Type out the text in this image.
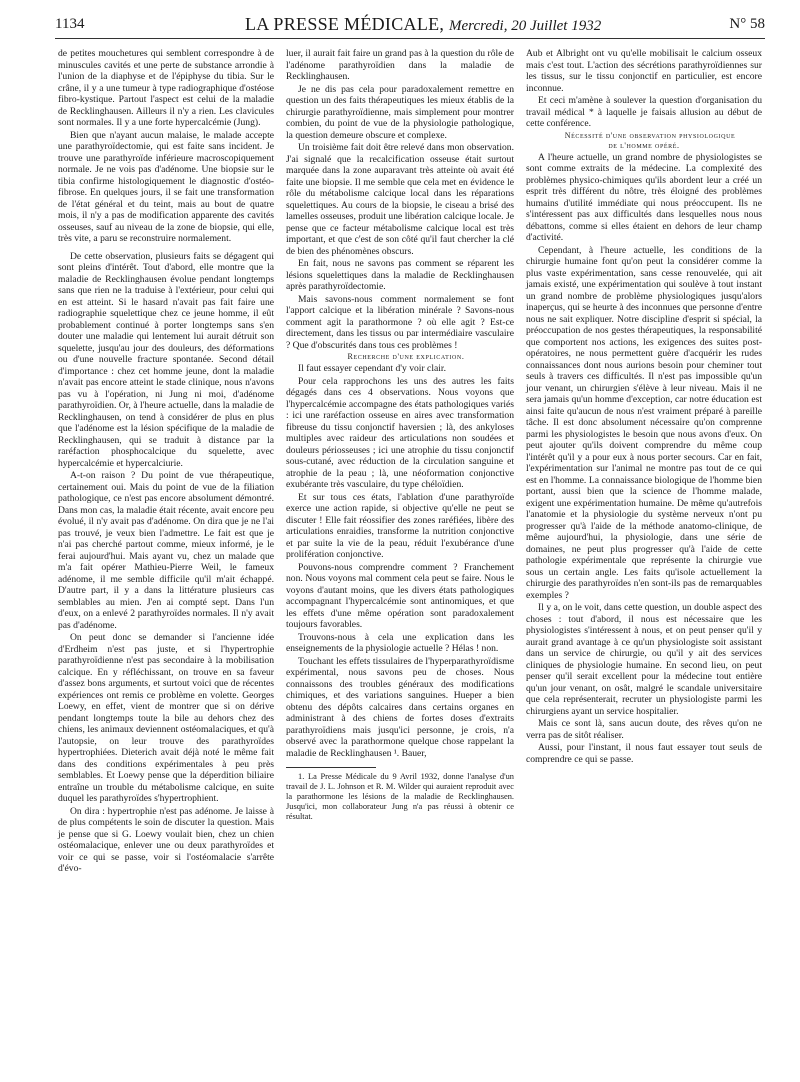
1134	LA PRESSE MÉDICALE, Mercredi, 20 Juillet 1932	N° 58

de petites mouchetures qui semblent correspondre à de minuscules cavités et une perte de substance arrondie à l'union de la diaphyse et de l'épiphyse du tibia. Sur le crâne, il y a une tumeur à type radiographique d'ostéose fibro-kystique. Partout l'aspect est celui de la maladie de Recklinghausen. Ailleurs il n'y a rien. Les clavicules sont normales. Il y a une forte hypercalcémie (Jung).

Bien que n'ayant aucun malaise, le malade accepte une parathyroïdectomie, qui est faite sans incident. Je trouve une parathyroïde inférieure macroscopiquement normale. Je ne vois pas d'adénome. Une biopsie sur le tibia confirme histologiquement le diagnostic d'ostéo-fibrose. En quelques jours, il se fait une transformation de l'état général et du teint, mais au bout de quatre mois, il n'y a pas de modification apparente des cavités osseuses, sauf au niveau de la zone de biopsie, qui elle, très vite, a paru se reconstruire normalement.

De cette observation, plusieurs faits se dégagent qui sont pleins d'intérêt. Tout d'abord, elle montre que la maladie de Recklinghausen évolue pendant longtemps sans que rien ne la traduise à l'extérieur, pour celui qui en est atteint. Si le hasard n'avait pas fait faire une radiographie squelettique chez ce jeune homme, il eût probablement continué à porter longtemps sans s'en douter une maladie qui lentement lui aurait détruit son squelette, jusqu'au jour des douleurs, des déformations ou d'une nouvelle fracture spontanée. Second détail d'importance : chez cet homme jeune, dont la maladie n'avait pas encore atteint le stade clinique, nous n'avons pas vu à l'opération, ni Jung ni moi, d'adénome parathyroïdien. Or, à l'heure actuelle, dans la maladie de Recklinghausen, on tend à considérer de plus en plus que l'adénome est la lésion spécifique de la maladie de Recklinghausen, qui se traduit à distance par la raréfaction phosphocalcique du squelette, avec hypercalcémie et hypercalciurie.

A-t-on raison ? Du point de vue thérapeutique, certainement oui. Mais du point de vue de la filiation pathologique, ce n'est pas encore absolument démontré. Dans mon cas, la maladie était récente, avait encore peu évolué, il n'y avait pas d'adénome. On dira que je ne l'ai pas trouvé, je veux bien l'admettre. Le fait est que je n'ai pas cherché partout comme, mieux informé, je le ferai aujourd'hui. Mais ayant vu, chez un malade que m'a fait opérer Mathieu-Pierre Weil, le fameux adénome, il me semble difficile qu'il m'ait échappé. D'autre part, il y a dans la littérature plusieurs cas semblables au mien. J'en ai compté sept. Dans l'un d'eux, on a enlevé 2 parathyroïdes normales. Il n'y avait pas d'adénome.

On peut donc se demander si l'ancienne idée d'Erdheim n'est pas juste, et si l'hypertrophie parathyroïdienne n'est pas secondaire à la mobilisation calcique. En y réfléchissant, on trouve en sa faveur d'assez bons arguments, et surtout voici que de récentes expériences ont remis ce problème en volette. Georges Loewy, en effet, vient de montrer que si on dérive pendant longtemps toute la bile au dehors chez des chiens, les animaux deviennent ostéomalaciques, et qu'à l'autopsie, on leur trouve des parathyroïdes hypertrophiées. Dieterich avait déjà noté le même fait dans des conditions expérimentales à peu près semblables. Et Loewy pense que la déperdition biliaire entraîne un trouble du métabolisme calcique, en suite duquel les parathyroïdes s'hypertrophient.

On dira : hypertrophie n'est pas adénome. Je laisse à de plus compétents le soin de discuter la question. Mais je pense que si G. Loewy voulait bien, chez un chien ostéomalacique, enlever une ou deux parathyroïdes et voir ce qui se passe, voir si l'ostéomalacie s'arrête d'évo-

luer, il aurait fait faire un grand pas à la question du rôle de l'adénome parathyroïdien dans la maladie de Recklinghausen.

Je ne dis pas cela pour paradoxalement remettre en question un des faits thérapeutiques les mieux établis de la chirurgie parathyroïdienne, mais simplement pour montrer combien, du point de vue de la physiologie pathologique, la question demeure obscure et complexe.

Un troisième fait doit être relevé dans mon observation. J'ai signalé que la recalcification osseuse était surtout marquée dans la zone auparavant très atteinte où avait été faite une biopsie. Il me semble que cela met en évidence le rôle du métabolisme calcique local dans les réparations squelettiques. Au cours de la biopsie, le ciseau a brisé des lamelles osseuses, produit une libération calcique locale. Je pense que ce facteur métabolisme calcique local est très important, et que c'est de son côté qu'il faut chercher la clé de bien des phénomènes obscurs.

En fait, nous ne savons pas comment se réparent les lésions squelettiques dans la maladie de Recklinghausen après parathyroïdectomie.

Mais savons-nous comment normalement se font l'apport calcique et la libération minérale ? Savons-nous comment agit la parathormone ? où elle agit ? Est-ce directement, dans les tissus ou par intermédiaire vasculaire ? Que d'obscurités dans tous ces problèmes !

Recherche d'une explication.

Il faut essayer cependant d'y voir clair.

Pour cela rapprochons les uns des autres les faits dégagés dans ces 4 observations. Nous voyons que l'hypercalcémie accompagne des états pathologiques variés : ici une raréfaction osseuse en aires avec transformation fibreuse du tissu conjonctif haversien ; là, des ankyloses multiples avec raideur des articulations non soudées et douleurs périosseuses ; ici une atrophie du tissu conjonctif sous-cutané, avec réduction de la circulation sanguine et atrophie de la peau ; là, une néoformation conjonctive exubérante très vasculaire, du type chéloïdien.

Et sur tous ces états, l'ablation d'une parathyroïde exerce une action rapide, si objective qu'elle ne peut se discuter ! Elle fait réossifier des zones raréfiées, libère des articulations enraidies, transforme la nutrition conjonctive et par suite la vie de la peau, réduit l'exubérance d'une prolifération conjonctive.

Pouvons-nous comprendre comment ? Franchement non. Nous voyons mal comment cela peut se faire. Nous le voyons d'autant moins, que les divers états pathologiques accompagnant l'hypercalcémie sont antinomiques, et que les effets d'une même opération sont paradoxalement toujours favorables.

Trouvons-nous à cela une explication dans les enseignements de la physiologie actuelle ? Hélas ! non.

Touchant les effets tissulaires de l'hyperparathyroïdisme expérimental, nous savons peu de choses. Nous connaissons des troubles généraux des modifications chimiques, et des variations sanguines. Hueper a bien obtenu des dépôts calcaires dans certains organes en administrant à des chiens de fortes doses d'extraits parathyroïdiens mais jusqu'ici personne, je crois, n'a observé avec la parathormone quelque chose rappelant la maladie de Recklinghausen ¹. Bauer,

1. La Presse Médicale du 9 Avril 1932, donne l'analyse d'un travail de J. L. Johnson et R. M. Wilder qui auraient reproduit avec la parathormone les lésions de la maladie de Recklinghausen. Jusqu'ici, mon collaborateur Jung n'a pas réussi à obtenir ce résultat.

Aub et Albright ont vu qu'elle mobilisait le calcium osseux mais c'est tout. L'action des sécrétions parathyroïdiennes sur les tissus, sur le tissu conjonctif en particulier, est encore inconnue.

Et ceci m'amène à soulever la question d'organisation du travail médical * à laquelle je faisais allusion au début de cette conférence.

Nécessité d'une observation physiologique
de l'homme opéré.

A l'heure actuelle, un grand nombre de physiologistes se sont comme extraits de la médecine. La complexité des problèmes physico-chimiques qu'ils abordent leur a créé un esprit très différent du nôtre, très éloigné des problèmes humains d'utilité immédiate qui nous préoccupent. Ils ne s'intéressent pas aux difficultés dans lesquelles nous nous débattons, comme si elles étaient en dehors de leur champ d'activité.

Cependant, à l'heure actuelle, les conditions de la chirurgie humaine font qu'on peut la considérer comme la plus vaste expérimentation, sans cesse renouvelée, qui ait jamais existé, une expérimentation qui soulève à tout instant un grand nombre de problème physiologiques jusqu'alors inaperçus, qui se heurte à des inconnues que personne d'entre nous ne sait expliquer. Notre discipline d'esprit si spécial, la préoccupation de nos gestes thérapeutiques, la responsabilité que comportent nos actions, les exigences des suites post-opératoires, ne nous permettent guère d'acquérir les rudes connaissances dont nous aurions besoin pour cheminer tout seuls à travers ces difficultés. Il n'est pas impossible qu'un jour venant, un chirurgien s'élève à leur niveau. Mais il ne sera jamais qu'un homme d'exception, car notre éducation est ainsi faite qu'aucun de nous n'est vraiment préparé à pareille tâche. Il est donc absolument nécessaire qu'on comprenne parmi les physiologistes le besoin que nous avons d'eux. On peut ajouter qu'ils doivent comprendre du même coup l'intérêt qu'il y a pour eux à nous porter secours. Car en fait, l'expérimentation sur l'animal ne montre pas tout de ce qui est en l'homme. La connaissance biologique de l'homme bien portant, aussi bien que la science de l'homme malade, exigent une expérimentation humaine. De même qu'autrefois l'anatomie et la physiologie du système nerveux n'ont pu progresser qu'à l'aide de la méthode anatomo-clinique, de même aujourd'hui, la physiologie, dans une série de domaines, ne peut plus progresser qu'à l'aide de cette pathologie expérimentale que représente la chirurgie vue sous un certain angle. Les faits qu'isole actuellement la chirurgie des parathyroïdes n'en sont-ils pas de remarquables exemples ?

Il y a, on le voit, dans cette question, un double aspect des choses : tout d'abord, il nous est nécessaire que les physiologistes s'intéressent à nous, et on peut penser qu'il y aurait grand avantage à ce qu'un physiologiste soit assistant dans un service de chirurgie, ou qu'il y ait des services cliniques de physiologie humaine. En second lieu, on peut penser qu'il serait excellent pour la médecine tout entière qu'un jour venant, on osât, malgré le scandale universitaire que cela représenterait, recruter un physiologiste parmi les chirurgiens ayant un service hospitalier.

Mais ce sont là, sans aucun doute, des rêves qu'on ne verra pas de sitôt réaliser.

Aussi, pour l'instant, il nous faut essayer tout seuls de comprendre ce qui se passe.
